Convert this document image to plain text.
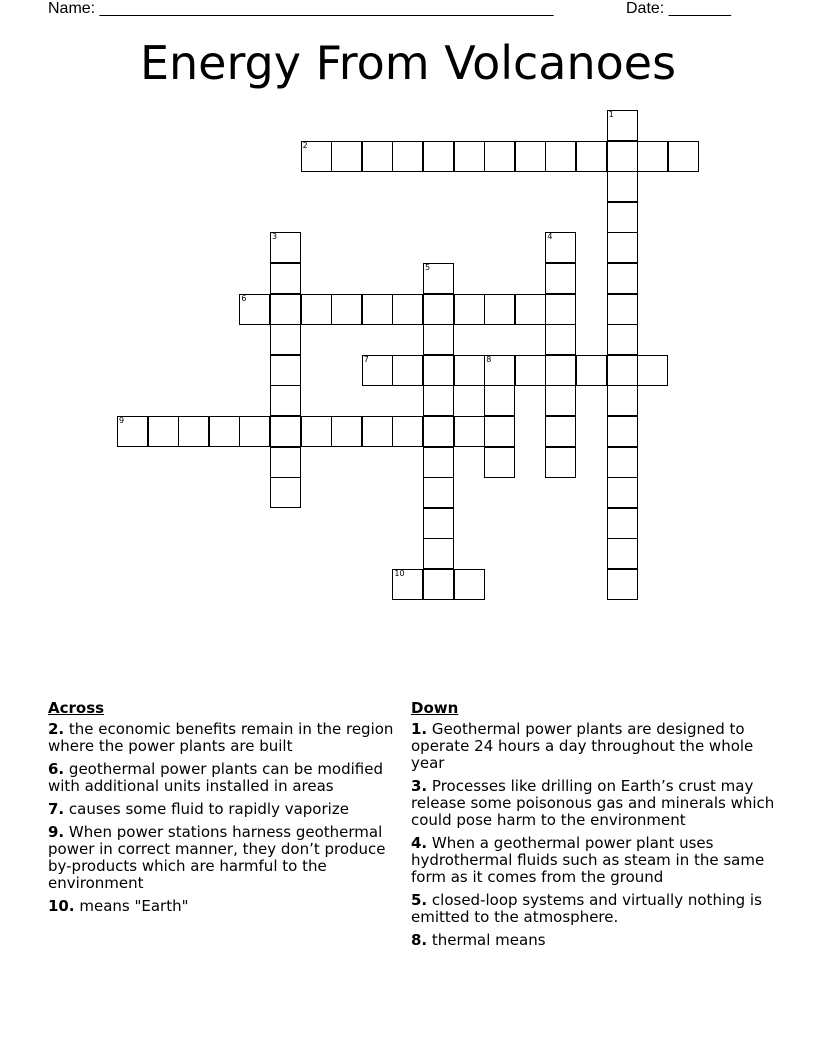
Name: ___________________________________________________	Date: _______
Energy From Volcanoes
1
2
3	4
5
6
7	8
9
10
Across
2. the economic benefits remain in the region where the power plants are built
6. geothermal power plants can be modified with additional units installed in areas
7. causes some fluid to rapidly vaporize
9. When power stations harness geothermal power in correct manner, they don’t produce by-products which are harmful to the environment
10. means "Earth"
Down
1. Geothermal power plants are designed to operate 24 hours a day throughout the whole year
3. Processes like drilling on Earth’s crust may release some poisonous gas and minerals which could pose harm to the environment
4. When a geothermal power plant uses hydrothermal fluids such as steam in the same form as it comes from the ground
5. closed-loop systems and virtually nothing is emitted to the atmosphere.
8. thermal means
